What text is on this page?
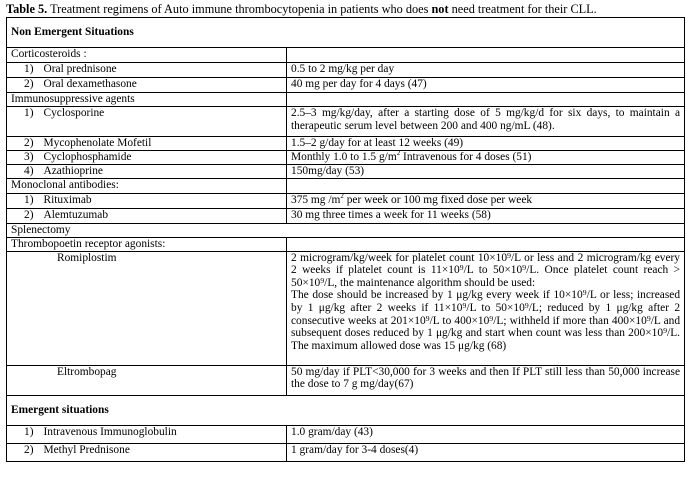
Table 5. Treatment regimens of Auto immune thrombocytopenia in patients who does not need treatment for their CLL.
Non Emergent Situations		
Corticosteroids :		
1)	Oral prednisone	0.5 to 2 mg/kg per day
2)	Oral dexamethasone	40 mg per day for 4 days (47)
Immunosuppressive agents		
1)	Cyclosporine	2.5–3 mg/kg/day, after a starting dose of 5 mg/kg/d for six days, to maintain a therapeutic serum level between 200 and 400 ng/mL (48).
2)	Mycophenolate Mofetil	1.5–2 g/day for at least 12 weeks (49)
3)	Cyclophosphamide	Monthly 1.0 to 1.5 $g/m^2$ Intravenous for 4 doses (51)
4)	Azathioprine	150mg/day (53)
Monoclonal antibodies:		
1)	Rituximab	375 mg $/m^2$ per week or 100 mg fixed dose per week
2)	Alemtuzumab	30 mg three times a week for 11 weeks (58)
Splenectomy		
Thrombopoetin receptor agonists:		
Romiplostim		2 microgram/kg/week for platelet count 10×10⁹/L or less and 2 microgram/kg every 2 weeks if platelet count is 11×10⁹/L to 50×10⁹/L. Once platelet count reach > 50×10⁹/L, the maintenance algorithm should be used:
The dose should be increased by 1 μg/kg every week if 10×10⁹/L or less; increased by 1 μg/kg after 2 weeks if 11×10⁹/L to 50×10⁹/L; reduced by 1 μg/kg after 2 consecutive weeks at 201×10⁹/L to 400×10⁹/L; withheld if more than 400×10⁹/L and subsequent doses reduced by 1 μg/kg and start when count was less than 200×10⁹/L. The maximum allowed dose was 15 μg/kg (68)

Eltrombopag		50 mg/day if PLT<30,000 for 3 weeks and then If PLT still less than 50,000 increase the dose to 7 g mg/day(67)
Emergent situations		
1)	Intravenous Immunoglobulin	1.0 gram/day (43)
2)	Methyl Prednisone	1 gram/day for 3-4 doses(4)
